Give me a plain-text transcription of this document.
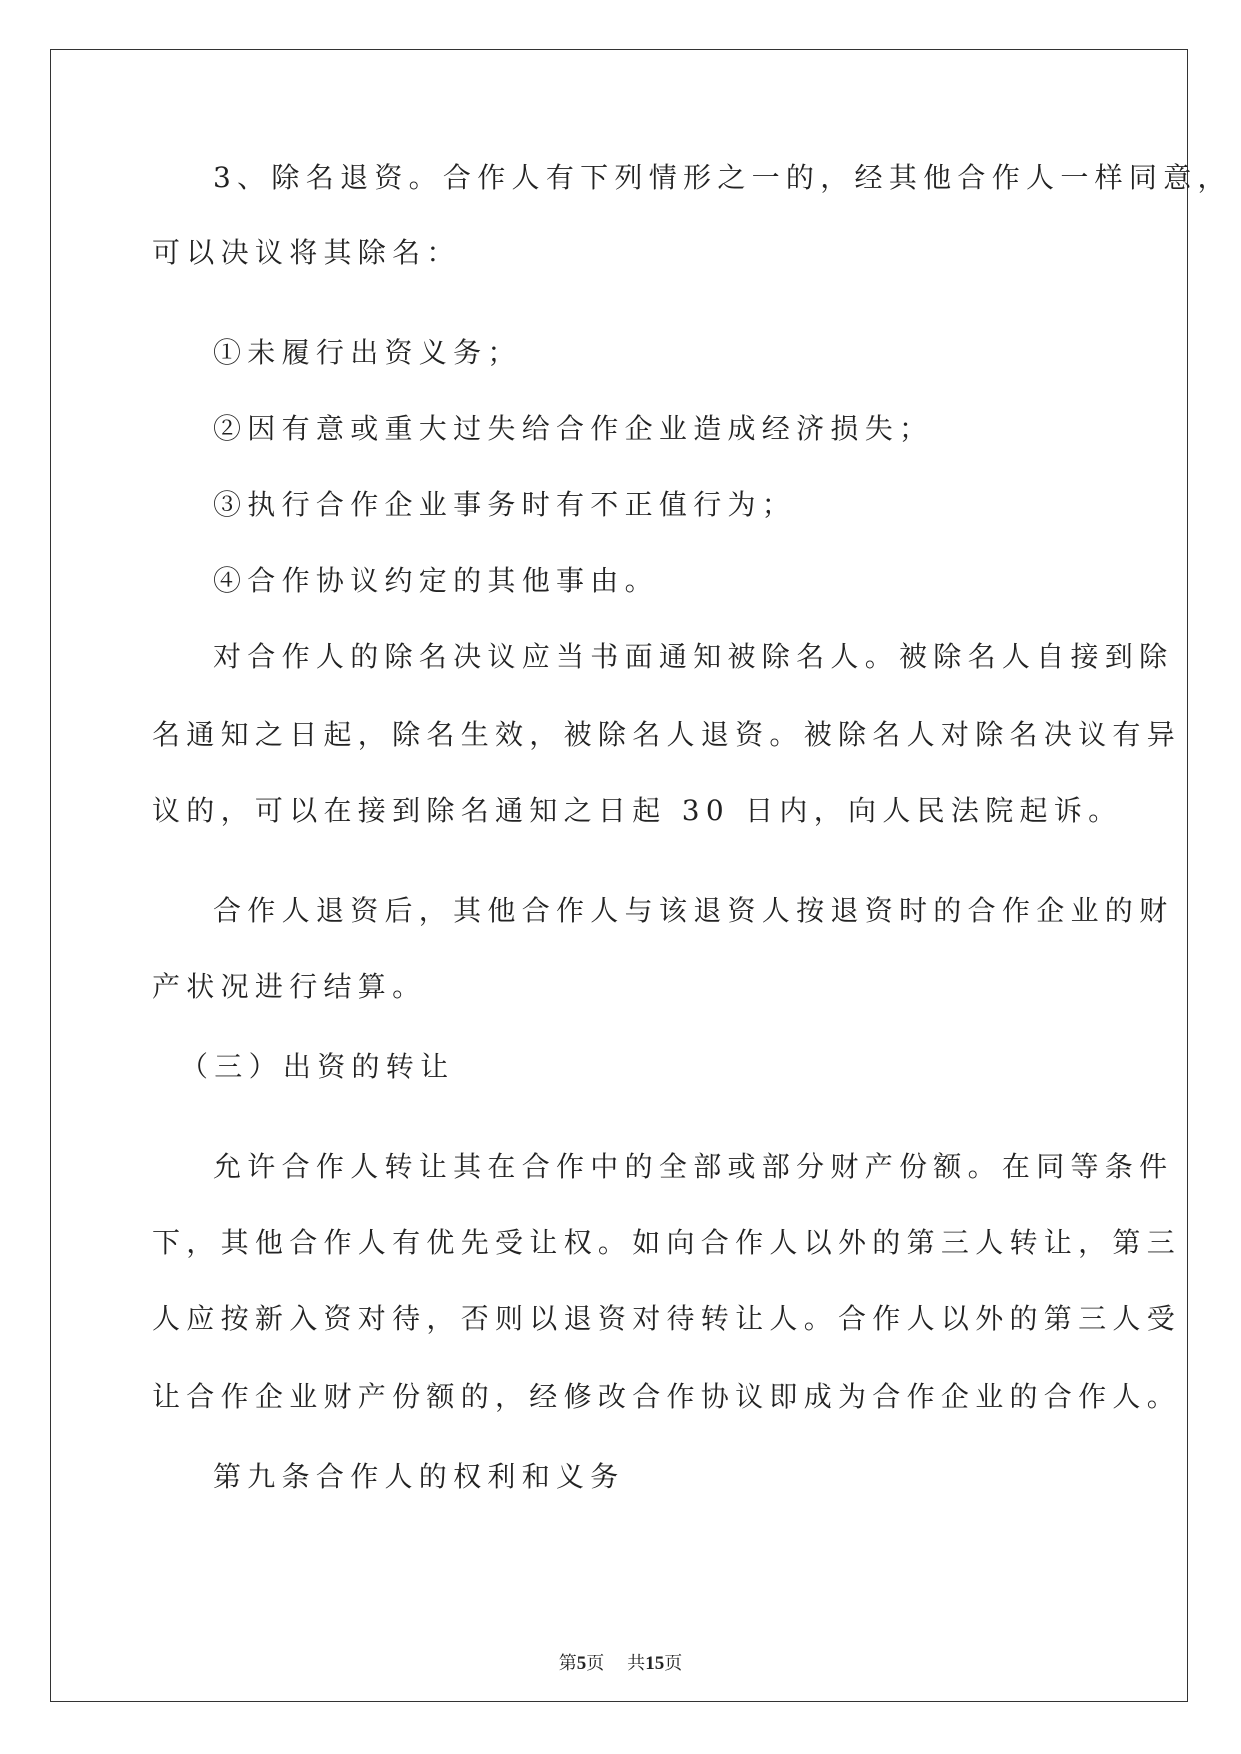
3、除名退资。合作人有下列情形之一的，经其他合作人一样同意，
可以决议将其除名：
①未履行出资义务；
②因有意或重大过失给合作企业造成经济损失；
③执行合作企业事务时有不正值行为；
④合作协议约定的其他事由。
对合作人的除名决议应当书面通知被除名人。被除名人自接到除
名通知之日起，除名生效，被除名人退资。被除名人对除名决议有异
议的，可以在接到除名通知之日起 30 日内，向人民法院起诉。
合作人退资后，其他合作人与该退资人按退资时的合作企业的财
产状况进行结算。
（三）出资的转让
允许合作人转让其在合作中的全部或部分财产份额。在同等条件
下，其他合作人有优先受让权。如向合作人以外的第三人转让，第三
人应按新入资对待，否则以退资对待转让人。合作人以外的第三人受
让合作企业财产份额的，经修改合作协议即成为合作企业的合作人。
第九条合作人的权利和义务
第5页    共15页
